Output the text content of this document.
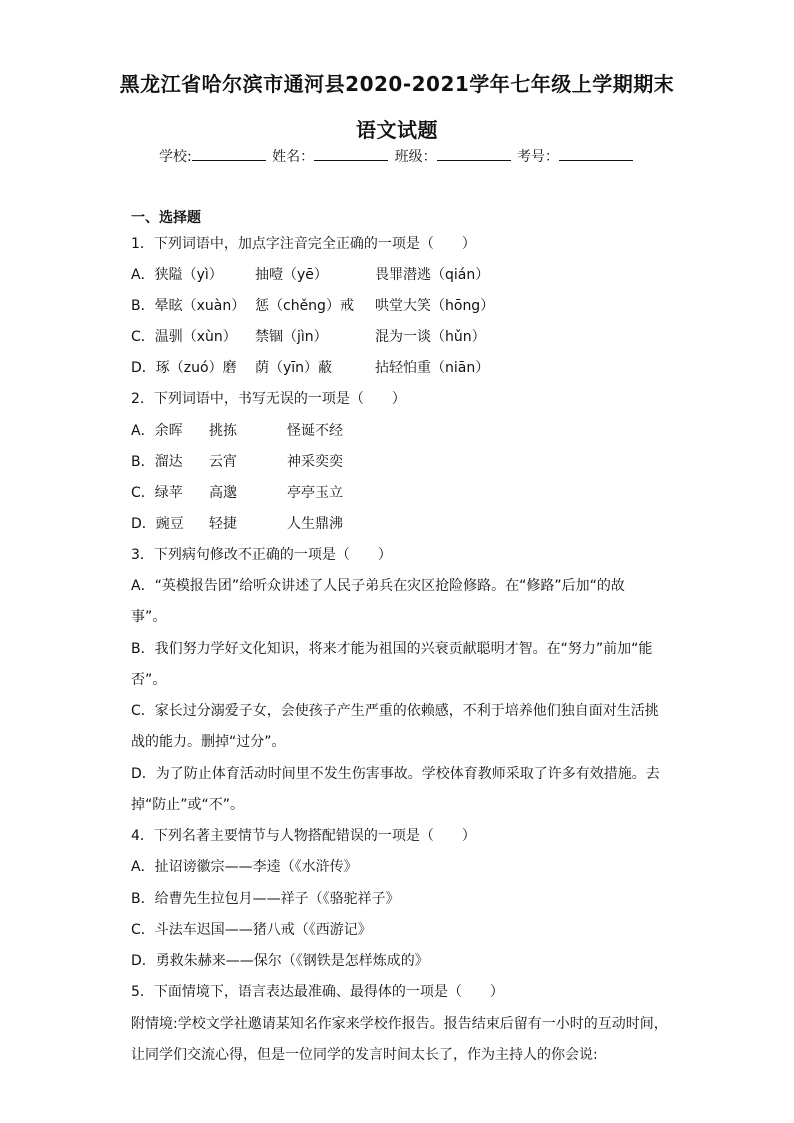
黑龙江省哈尔滨市通河县2020-2021学年七年级上学期期末
语文试题
学校:	姓名：	班级：	考号：
一、选择题
1．下列词语中，加点字注音完全正确的一项是（　　）
A．狭隘（yì） 抽噎（yē）	畏罪潜逃（qián）
B．晕眩（xuàn） 惩（chěng）戒 哄堂大笑（hōng）
C．温驯（xùn） 禁锢（jìn）	混为一谈（hǔn）
D．琢（zuó）磨 荫（yīn）蔽	拈轻怕重（niān）
2．下列词语中，书写无误的一项是（　　）
A．余晖 挑拣	怪诞不经
B．溜达 云宵	神采奕奕
C．绿苹 高邈	亭亭玉立
D．豌豆 轻捷	人生鼎沸
3．下列病句修改不正确的一项是（　　）
A．“英模报告团”给听众讲述了人民子弟兵在灾区抢险修路。在“修路”后加“的故
事”。
B．我们努力学好文化知识，将来才能为祖国的兴衰贡献聪明才智。在“努力”前加“能
否”。
C．家长过分溺爱子女，会使孩子产生严重的依赖感，不利于培养他们独自面对生活挑
战的能力。删掉“过分”。
D．为了防止体育活动时间里不发生伤害事故。学校体育教师采取了许多有效措施。去
掉“防止”或“不”。
4．下列名著主要情节与人物搭配错误的一项是（　　）
A．扯诏谤徽宗——李逵（《水浒传》
B．给曹先生拉包月——祥子（《骆驼祥子》
C．斗法车迟国——猪八戒（《西游记》
D．勇救朱赫来——保尔（《钢铁是怎样炼成的》
5．下面情境下，语言表达最准确、最得体的一项是（　　）
附情境:学校文学社邀请某知名作家来学校作报告。报告结束后留有一小时的互动时间，
让同学们交流心得，但是一位同学的发言时间太长了，作为主持人的你会说:
